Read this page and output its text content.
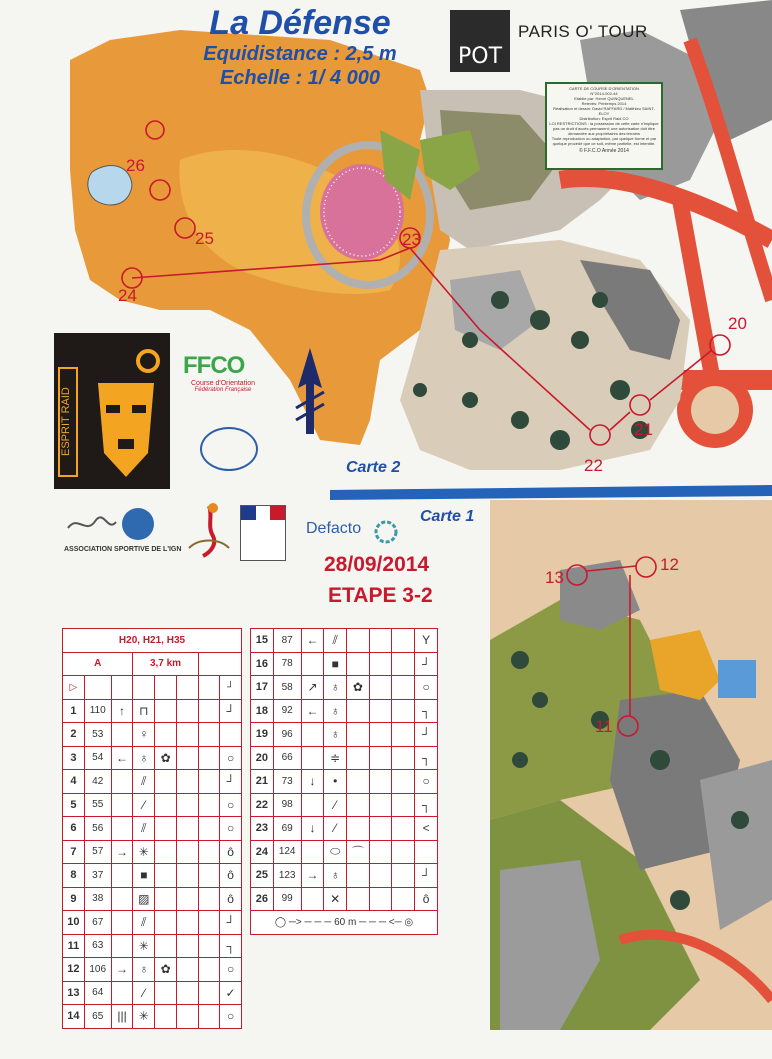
La Défense
Equidistance : 2,5 m
Echelle : 1/ 4 000
POT
PARIS O' TOUR
CARTE DE COURSE D'ORIENTATION
N°2014-002-44
Etablie par: Hervé QUINQUENEL
Relevés: Printemps 2014
Réalisation et dessin: David RAFFARD / Matthieu SAINT-ELOY
Distribution: Esprit Raid CO
LOI RESTRICTIONS : la possession de cette carte n'implique pas un droit d'accès permanent; une autorisation doit être demandée aux propriétaires des terrains
Toute reproduction ou adaptation, par quelque forme et par quelque procédé que ce soit, même partielle, est interdite.
© F.F.C.O Année 2014
26
25
24
23
20
21
22
13
12
11
Carte 2
Carte 1
ESPRIT RAID
FFCO
Course d'Orientation
Fédération Française
ASSOCIATION SPORTIVE DE L'IGN
Defacto
28/09/2014
ETAPE 3-2
H20, H21, H35							
A			3,7 km				
▷							┘
1	110	↑	⊓				┘
2	53		♀				
3	54	←	♁	✿			○
4	42		⫽				┘
5	55		⁄				○
6	56		⫽				○
7	57	→	✳				ô
8	37		■				ô
9	38		▨				ô
10	67		⫽				┘
11	63		✳				┐
12	106	→	♁	✿			○
13	64		⁄				✓
14	65	|||	✳				○
15	87	←	⫽				Y
16	78		■				┘
17	58	↗	♁	✿			○
18	92	←	♁				┐
19	96		♁				┘
20	66		≑				┐
21	73	↓	•				○
22	98		⁄				┐
23	69	↓	⁄				<
24	124		⬭	⌒			
25	123	→	♁				┘
26	99		✕				ô
◯ ─> ─ ─ ─ 60 m ─ ─ ─ <─ ◎							
